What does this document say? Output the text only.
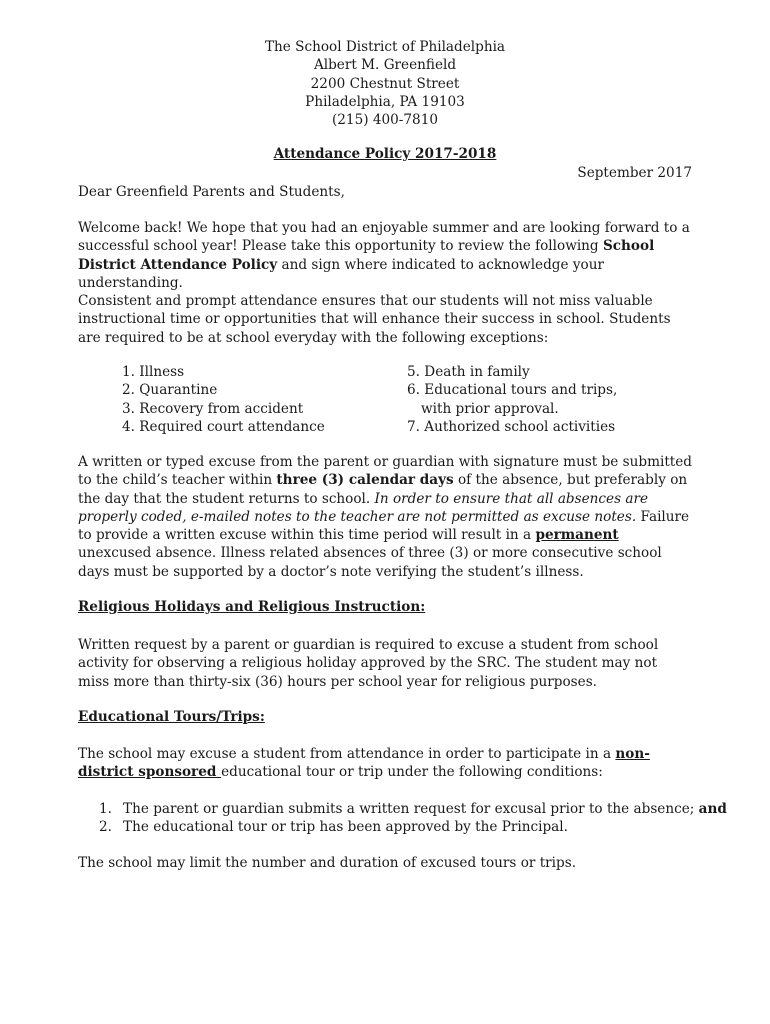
The School District of Philadelphia
Albert M. Greenfield
2200 Chestnut Street
Philadelphia, PA 19103
(215) 400-7810
Attendance Policy 2017-2018
September 2017

Dear Greenfield Parents and Students,

Welcome back! We hope that you had an enjoyable summer and are looking forward to a successful school year! Please take this opportunity to review the following School District Attendance Policy and sign where indicated to acknowledge your understanding.

Consistent and prompt attendance ensures that our students will not miss valuable instructional time or opportunities that will enhance their success in school. Students are required to be at school everyday with the following exceptions:

1. Illness
2. Quarantine
3. Recovery from accident
4. Required court attendance
5. Death in family
6. Educational tours and trips,
with prior approval.
7. Authorized school activities

A written or typed excuse from the parent or guardian with signature must be submitted to the child’s teacher within three (3) calendar days of the absence, but preferably on the day that the student returns to school. In order to ensure that all absences are properly coded, e-mailed notes to the teacher are not permitted as excuse notes. Failure to provide a written excuse within this time period will result in a permanent unexcused absence. Illness related absences of three (3) or more consecutive school days must be supported by a doctor’s note verifying the student’s illness.

Religious Holidays and Religious Instruction:

Written request by a parent or guardian is required to excuse a student from school activity for observing a religious holiday approved by the SRC. The student may not miss more than thirty-six (36) hours per school year for religious purposes.

Educational Tours/Trips:

The school may excuse a student from attendance in order to participate in a non-district sponsored educational tour or trip under the following conditions:

1. The parent or guardian submits a written request for excusal prior to the absence; and
2. The educational tour or trip has been approved by the Principal.

The school may limit the number and duration of excused tours or trips.
